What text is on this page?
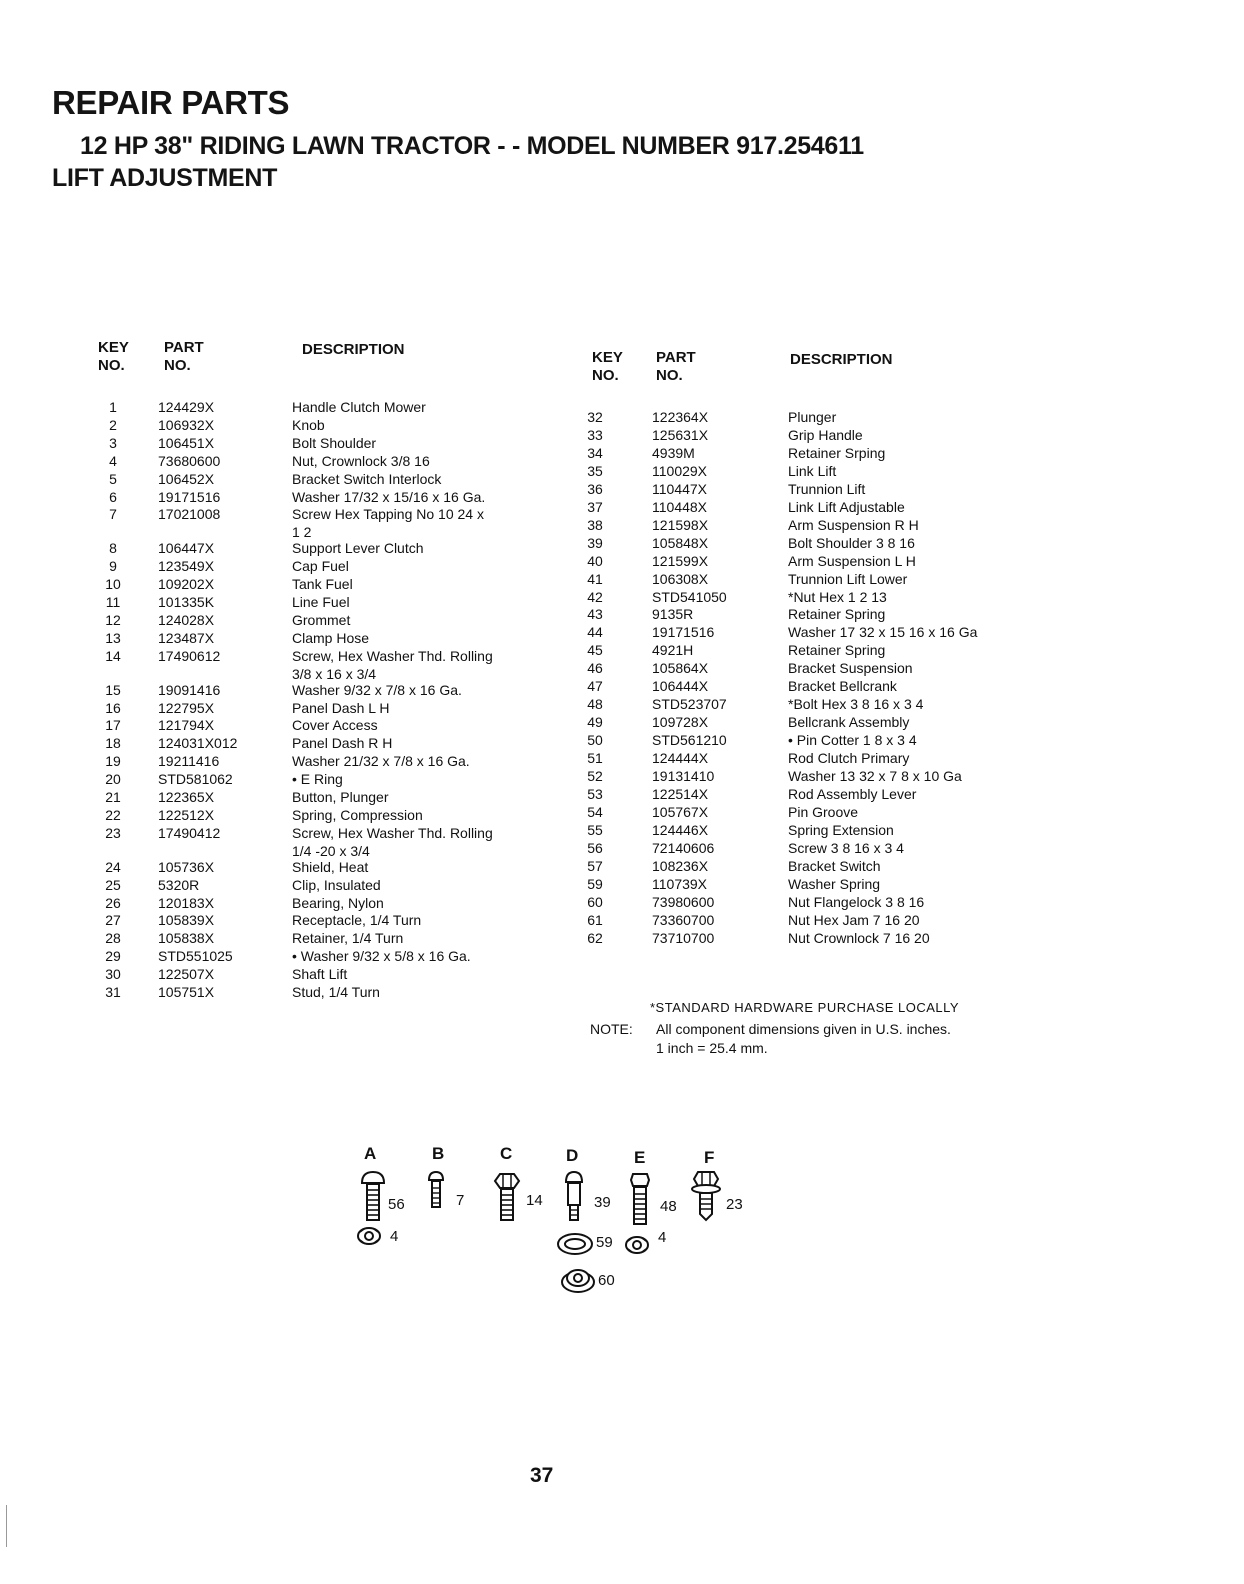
REPAIR PARTS
12 HP 38" RIDING LAWN TRACTOR - - MODEL NUMBER 917.254611
LIFT ADJUSTMENT
KEY
NO.
PART
NO.
DESCRIPTION	KEY
NO.
PART
NO.
DESCRIPTION
1	124429X	Handle Clutch Mower
2	106932X	Knob
3	106451X	Bolt Shoulder
4	73680600	Nut, Crownlock 3/8 16
5	106452X	Bracket Switch Interlock
6	19171516	Washer 17/32 x 15/16 x 16 Ga.
7	17021008	Screw Hex Tapping No 10 24 x
1 2
8	106447X	Support Lever Clutch
9	123549X	Cap Fuel
10	109202X	Tank Fuel
11	101335K	Line Fuel
12	124028X	Grommet
13	123487X	Clamp Hose
14	17490612	Screw, Hex Washer Thd. Rolling
3/8 x 16 x 3/4
15	19091416	Washer 9/32 x 7/8 x 16 Ga.
16	122795X	Panel Dash L H
17	121794X	Cover Access
18	124031X012	Panel Dash R H
19	19211416	Washer 21/32 x 7/8 x 16 Ga.
20	STD581062	• E Ring
21	122365X	Button, Plunger
22	122512X	Spring, Compression
23	17490412	Screw, Hex Washer Thd. Rolling
1/4 -20 x 3/4
24	105736X	Shield, Heat
25	5320R	Clip, Insulated
26	120183X	Bearing, Nylon
27	105839X	Receptacle, 1/4 Turn
28	105838X	Retainer, 1/4 Turn
29	STD551025	• Washer 9/32 x 5/8 x 16 Ga.
30	122507X	Shaft Lift
31	105751X	Stud, 1/4 Turn
32	122364X	Plunger
33	125631X	Grip Handle
34	4939M	Retainer Srping
35	110029X	Link Lift
36	110447X	Trunnion Lift
37	110448X	Link Lift Adjustable
38	121598X	Arm Suspension R H
39	105848X	Bolt Shoulder 3 8 16
40	121599X	Arm Suspension L H
41	106308X	Trunnion Lift Lower
42	STD541050	*Nut Hex 1 2 13
43	9135R	Retainer Spring
44	19171516	Washer 17 32 x 15 16 x 16 Ga
45	4921H	Retainer Spring
46	105864X	Bracket Suspension
47	106444X	Bracket Bellcrank
48	STD523707	*Bolt Hex 3 8 16 x 3 4
49	109728X	Bellcrank Assembly
50	STD561210	• Pin Cotter 1 8 x 3 4
51	124444X	Rod Clutch Primary
52	19131410	Washer 13 32 x 7 8 x 10 Ga
53	122514X	Rod Assembly Lever
54	105767X	Pin Groove
55	124446X	Spring Extension
56	72140606	Screw 3 8 16 x 3 4
57	108236X	Bracket Switch
59	110739X	Washer Spring
60	73980600	Nut Flangelock 3 8 16
61	73360700	Nut Hex Jam 7 16 20
62	73710700	Nut Crownlock 7 16 20
*STANDARD HARDWARE PURCHASE LOCALLY
NOTE: All component dimensions given in U.S. inches.
1 inch = 25.4 mm.
A	B	C	D	E	F
56	7	14	39	48	23
4	59	4
60
37
